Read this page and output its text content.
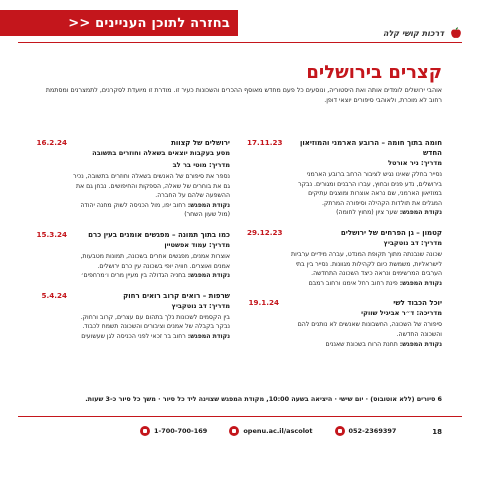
בחזרה לתוכן העניינים <<
דרכות קושי קלה
קצרים בירושלים
אוהבי ירושלים לומדים אותה ואת היסטוריה, ונוסעים כל פעם מחדש מאוסף ההכרים והשכונות כעיר זו. מודרת זו מיועדת לסקרנים, לתמצרנים ומסתמת רחוב לא מוכרת, ולאוהבי סיפורים יוצאי דופן.
חומה בתוך חומה – הרובע הארמני והמוזיאון החדש
מדריך: ניר אורטל
נסייר בחלק שאינו נגיש לציבור הרחב ברובע הארמני בירושלים, נדע פנים ובחוץ, עברו הרבנים ומגורים. נבקר במוזיאון הארמני, שם נראה אוצרות ומוצגים עתיקים המגלים את תולדות הקהילה וסיפורה המרתק.
נקודת המפגש: שער ציון (מחוץ לחומה)
17.11.23
קטמון – גן הפרחים של ירושלים
מדריך: דב נוטקביץ
שכונה שנבנתה מתוך תקופת המנדט, עברה מידיים ערביות לישראליות, משמשת כיום לקהילות מגוונות. נסייר בין בתי הערבים המרשימים ונראה כיצד השכונה התחדשה.
נקודת המפגש: פינת רחוב רחל אימנו ורחוב רמבם
29.12.23
יוכל הכבוד לשי
מדריכה: ד״ר אביגיל שווקי
סיפורה של השכונה, החשבונות שאנשים לא נותנים להם והשכונה החדשה.
נקודת המפגש: תחנת הרוח בשכונת שאננים
19.1.24
ירושלים של קצוות
מסע בעקבות יוצאים בשאלה וחוזרים בתשובה
מדריך: מוטי בר לב
נספר את סיפורם של האנשים בשאלה וחוזרים בתשובה, נכיר גם את בוחרים של שאלה, הספקות והחיפושים. נבחן גם את ההשפעה שלהם על החברה.
נקודת המפגש: רחוב יפו, מול הכניסה לשוק מחנה יהודה (מול שעון השחר)
16.2.24
כמו בתוך תמונה – מפגשים אומנים בעין כרם
מדריך: עמוד אפשטיין
אוצרות אמנים, מפגשים אחרים בשכונה, תמונות מטבעות, אמנים ואוצרים. חוויה יופי בשכונה עין כרם ירושלים.
נקודת המפגש: בחניה הגדולה בין מעיין מרים ו׳מרחפים׳
15.3.24
שרפות – רואים קרוב רואים רחוק
מדריך: דב נוטקביץ
בין הקסמים לשכונות נלך בתהום עם עצרים, קרוב ורחוק. נבקר בקבלה של אמנים וציבורים והשכונה תשמח לכבוד.
נקודת המפגש: רחוב בר זכאי לפני הכניסה לגן שעשועים
5.4.24
6 סיורים (ללא אוטובוס) · יום שישי · היציאה בשעה 10:00, מקודת המפגש שצוינה ליד כל סיור · משך כל סיור כ-3 שעות.
18
1-700-700-169	openu.ac.il/ascolot	052-2369397
